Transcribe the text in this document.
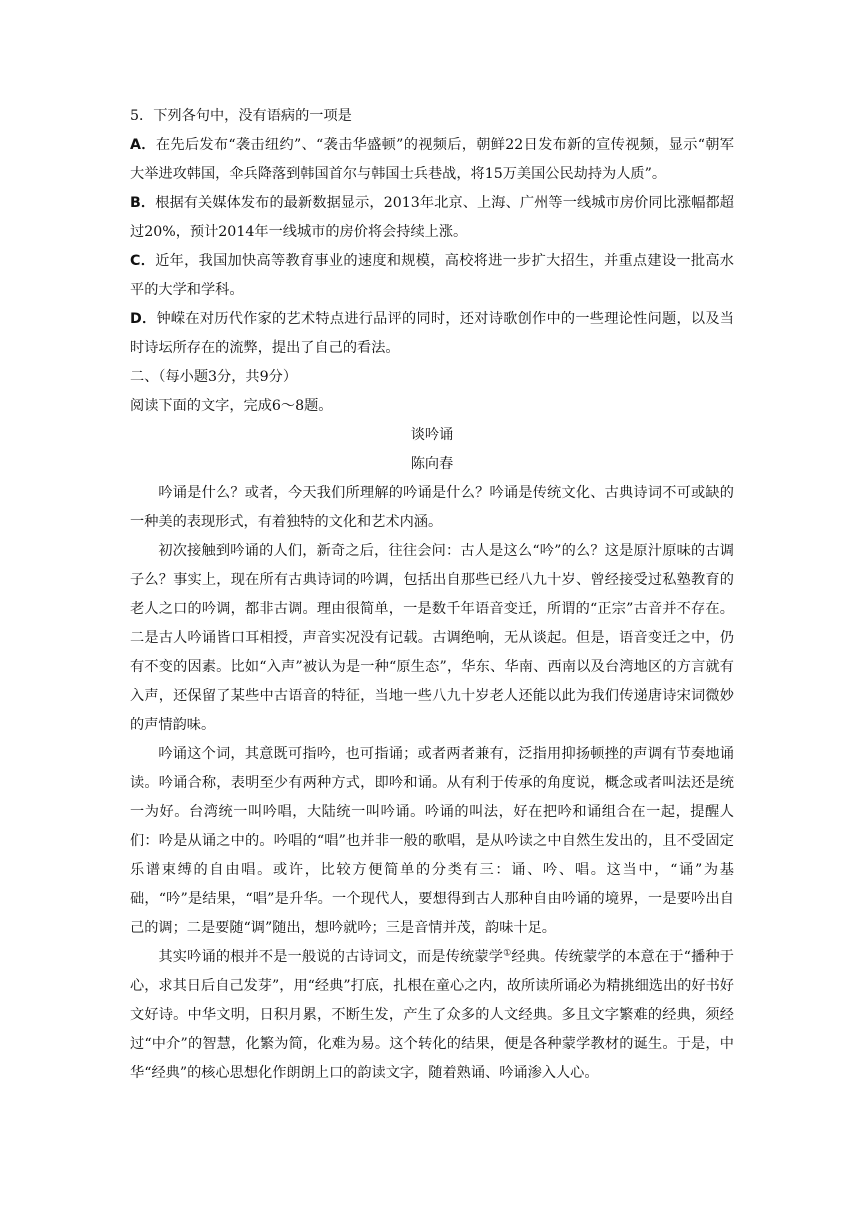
5．下列各句中，没有语病的一项是

A．在先后发布“袭击纽约”、“袭击华盛顿”的视频后，朝鲜22日发布新的宣传视频，显示“朝军大举进攻韩国，伞兵降落到韩国首尔与韩国士兵巷战，将15万美国公民劫持为人质”。

B．根据有关媒体发布的最新数据显示，2013年北京、上海、广州等一线城市房价同比涨幅都超过20%，预计2014年一线城市的房价将会持续上涨。

C．近年，我国加快高等教育事业的速度和规模，高校将进一步扩大招生，并重点建设一批高水平的大学和学科。

D．钟嵘在对历代作家的艺术特点进行品评的同时，还对诗歌创作中的一些理论性问题，以及当时诗坛所存在的流弊，提出了自己的看法。

二、（每小题3分，共9分）

阅读下面的文字，完成6～8题。

谈吟诵

陈向春

吟诵是什么？或者，今天我们所理解的吟诵是什么？吟诵是传统文化、古典诗词不可或缺的一种美的表现形式，有着独特的文化和艺术内涵。

初次接触到吟诵的人们，新奇之后，往往会问：古人是这么“吟”的么？这是原汁原味的古调子么？事实上，现在所有古典诗词的吟调，包括出自那些已经八九十岁、曾经接受过私塾教育的老人之口的吟调，都非古调。理由很简单，一是数千年语音变迁，所谓的“正宗”古音并不存在。二是古人吟诵皆口耳相授，声音实况没有记载。古调绝响，无从谈起。但是，语音变迁之中，仍有不变的因素。比如“入声”被认为是一种“原生态”，华东、华南、西南以及台湾地区的方言就有入声，还保留了某些中古语音的特征，当地一些八九十岁老人还能以此为我们传递唐诗宋词微妙的声情韵味。

吟诵这个词，其意既可指吟，也可指诵；或者两者兼有，泛指用抑扬顿挫的声调有节奏地诵读。吟诵合称，表明至少有两种方式，即吟和诵。从有利于传承的角度说，概念或者叫法还是统一为好。台湾统一叫吟唱，大陆统一叫吟诵。吟诵的叫法，好在把吟和诵组合在一起，提醒人们：吟是从诵之中的。吟唱的“唱”也并非一般的歌唱，是从吟读之中自然生发出的，且不受固定乐谱束缚的自由唱。或许，比较方便简单的分类有三：诵、吟、唱。这当中，“诵”为基础，“吟”是结果，“唱”是升华。一个现代人，要想得到古人那种自由吟诵的境界，一是要吟出自己的调；二是要随“调”随出，想吟就吟；三是音情并茂，韵味十足。

其实吟诵的根并不是一般说的古诗词文，而是传统蒙学①经典。传统蒙学的本意在于“播种于心，求其日后自己发芽”，用“经典”打底，扎根在童心之内，故所读所诵必为精挑细选出的好书好文好诗。中华文明，日积月累，不断生发，产生了众多的人文经典。多且文字繁难的经典，须经过“中介”的智慧，化繁为简，化难为易。这个转化的结果，便是各种蒙学教材的诞生。于是，中华“经典”的核心思想化作朗朗上口的韵读文字，随着熟诵、吟诵渗入人心。
